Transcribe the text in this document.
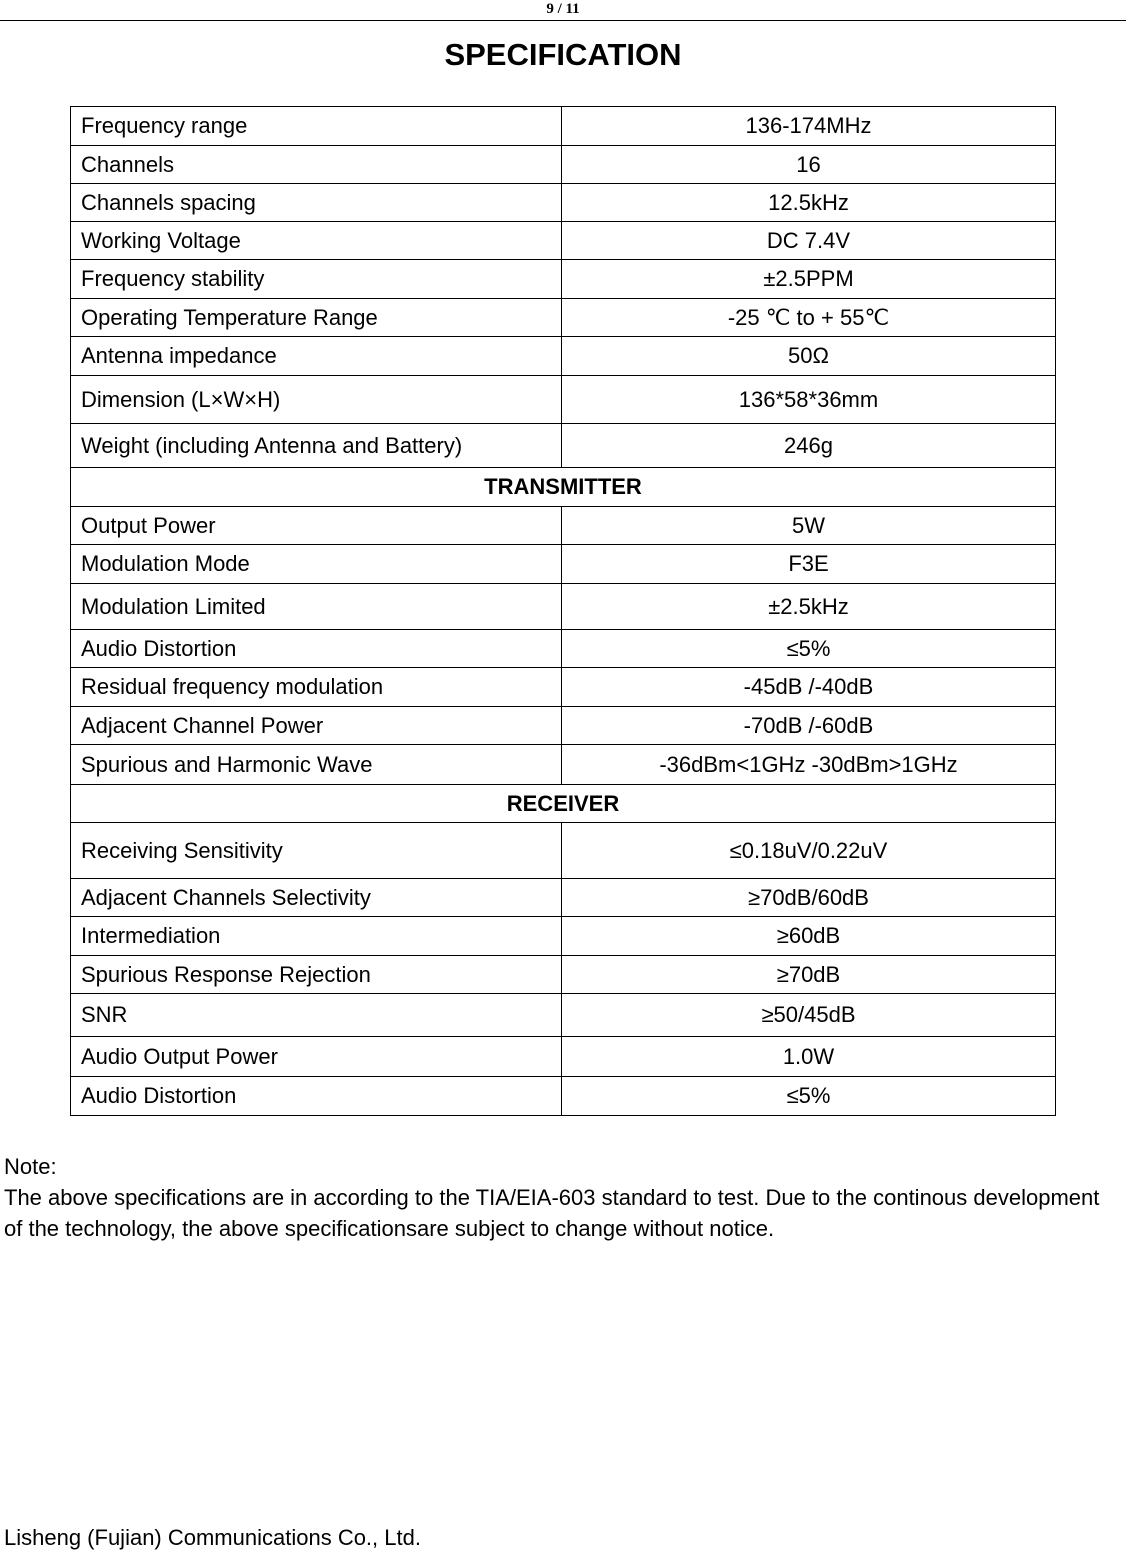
9 / 11
SPECIFICATION
Frequency range	136-174MHz
Channels	16
Channels spacing	12.5kHz
Working Voltage	DC 7.4V
Frequency stability	±2.5PPM
Operating Temperature Range	-25 ℃ to + 55℃
Antenna impedance	50Ω
Dimension (L×W×H)	136*58*36mm
Weight (including Antenna and Battery)	246g
TRANSMITTER	
Output Power	5W
Modulation Mode	F3E
Modulation Limited	±2.5kHz
Audio Distortion	≤5%
Residual frequency modulation	-45dB /-40dB
Adjacent Channel Power	-70dB /-60dB
Spurious and Harmonic Wave	-36dBm<1GHz -30dBm>1GHz
RECEIVER	
Receiving Sensitivity	≤0.18uV/0.22uV
Adjacent Channels Selectivity	≥70dB/60dB
Intermediation	≥60dB
Spurious Response Rejection	≥70dB
SNR	≥50/45dB
Audio Output Power	1.0W
Audio Distortion	≤5%

Note:

The above specifications are in according to the TIA/EIA-603 standard to test. Due to the continous development of the technology, the above specificationsare subject to change without notice.

Lisheng (Fujian) Communications Co., Ltd.
